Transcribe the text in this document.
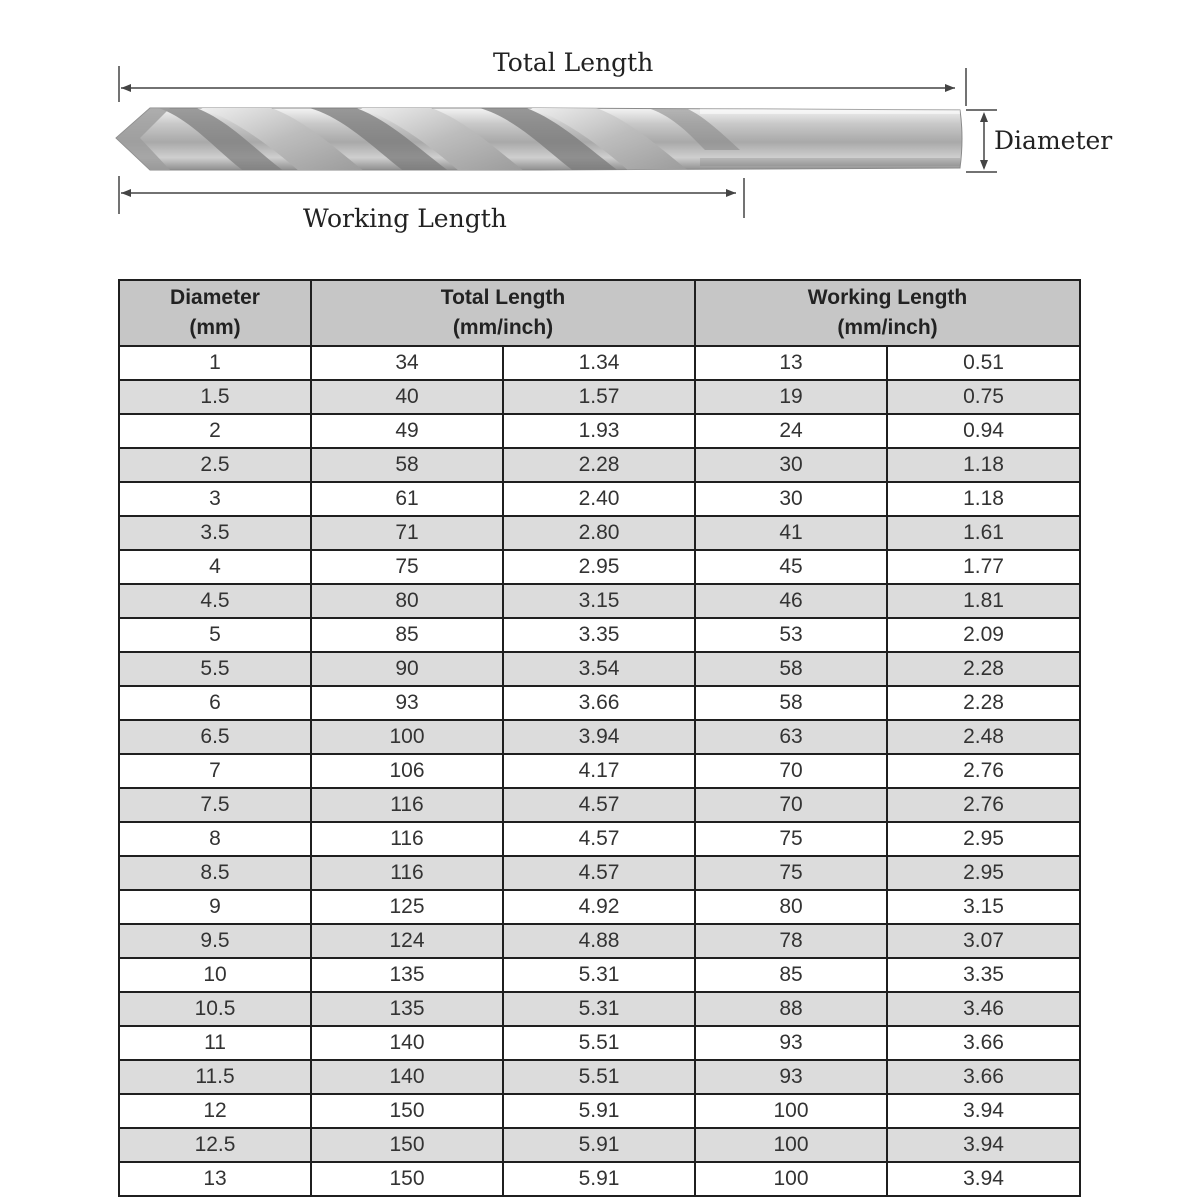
Total Length
Working Length
Diameter
Diameter
(mm)	Total Length
(mm/inch)		Working Length
(mm/inch)	

1	34	1.34	13	0.51
1.5	40	1.57	19	0.75
2	49	1.93	24	0.94
2.5	58	2.28	30	1.18
3	61	2.40	30	1.18
3.5	71	2.80	41	1.61
4	75	2.95	45	1.77
4.5	80	3.15	46	1.81
5	85	3.35	53	2.09
5.5	90	3.54	58	2.28
6	93	3.66	58	2.28
6.5	100	3.94	63	2.48
7	106	4.17	70	2.76
7.5	116	4.57	70	2.76
8	116	4.57	75	2.95
8.5	116	4.57	75	2.95
9	125	4.92	80	3.15
9.5	124	4.88	78	3.07
10	135	5.31	85	3.35
10.5	135	5.31	88	3.46
11	140	5.51	93	3.66
11.5	140	5.51	93	3.66
12	150	5.91	100	3.94
12.5	150	5.91	100	3.94
13	150	5.91	100	3.94
